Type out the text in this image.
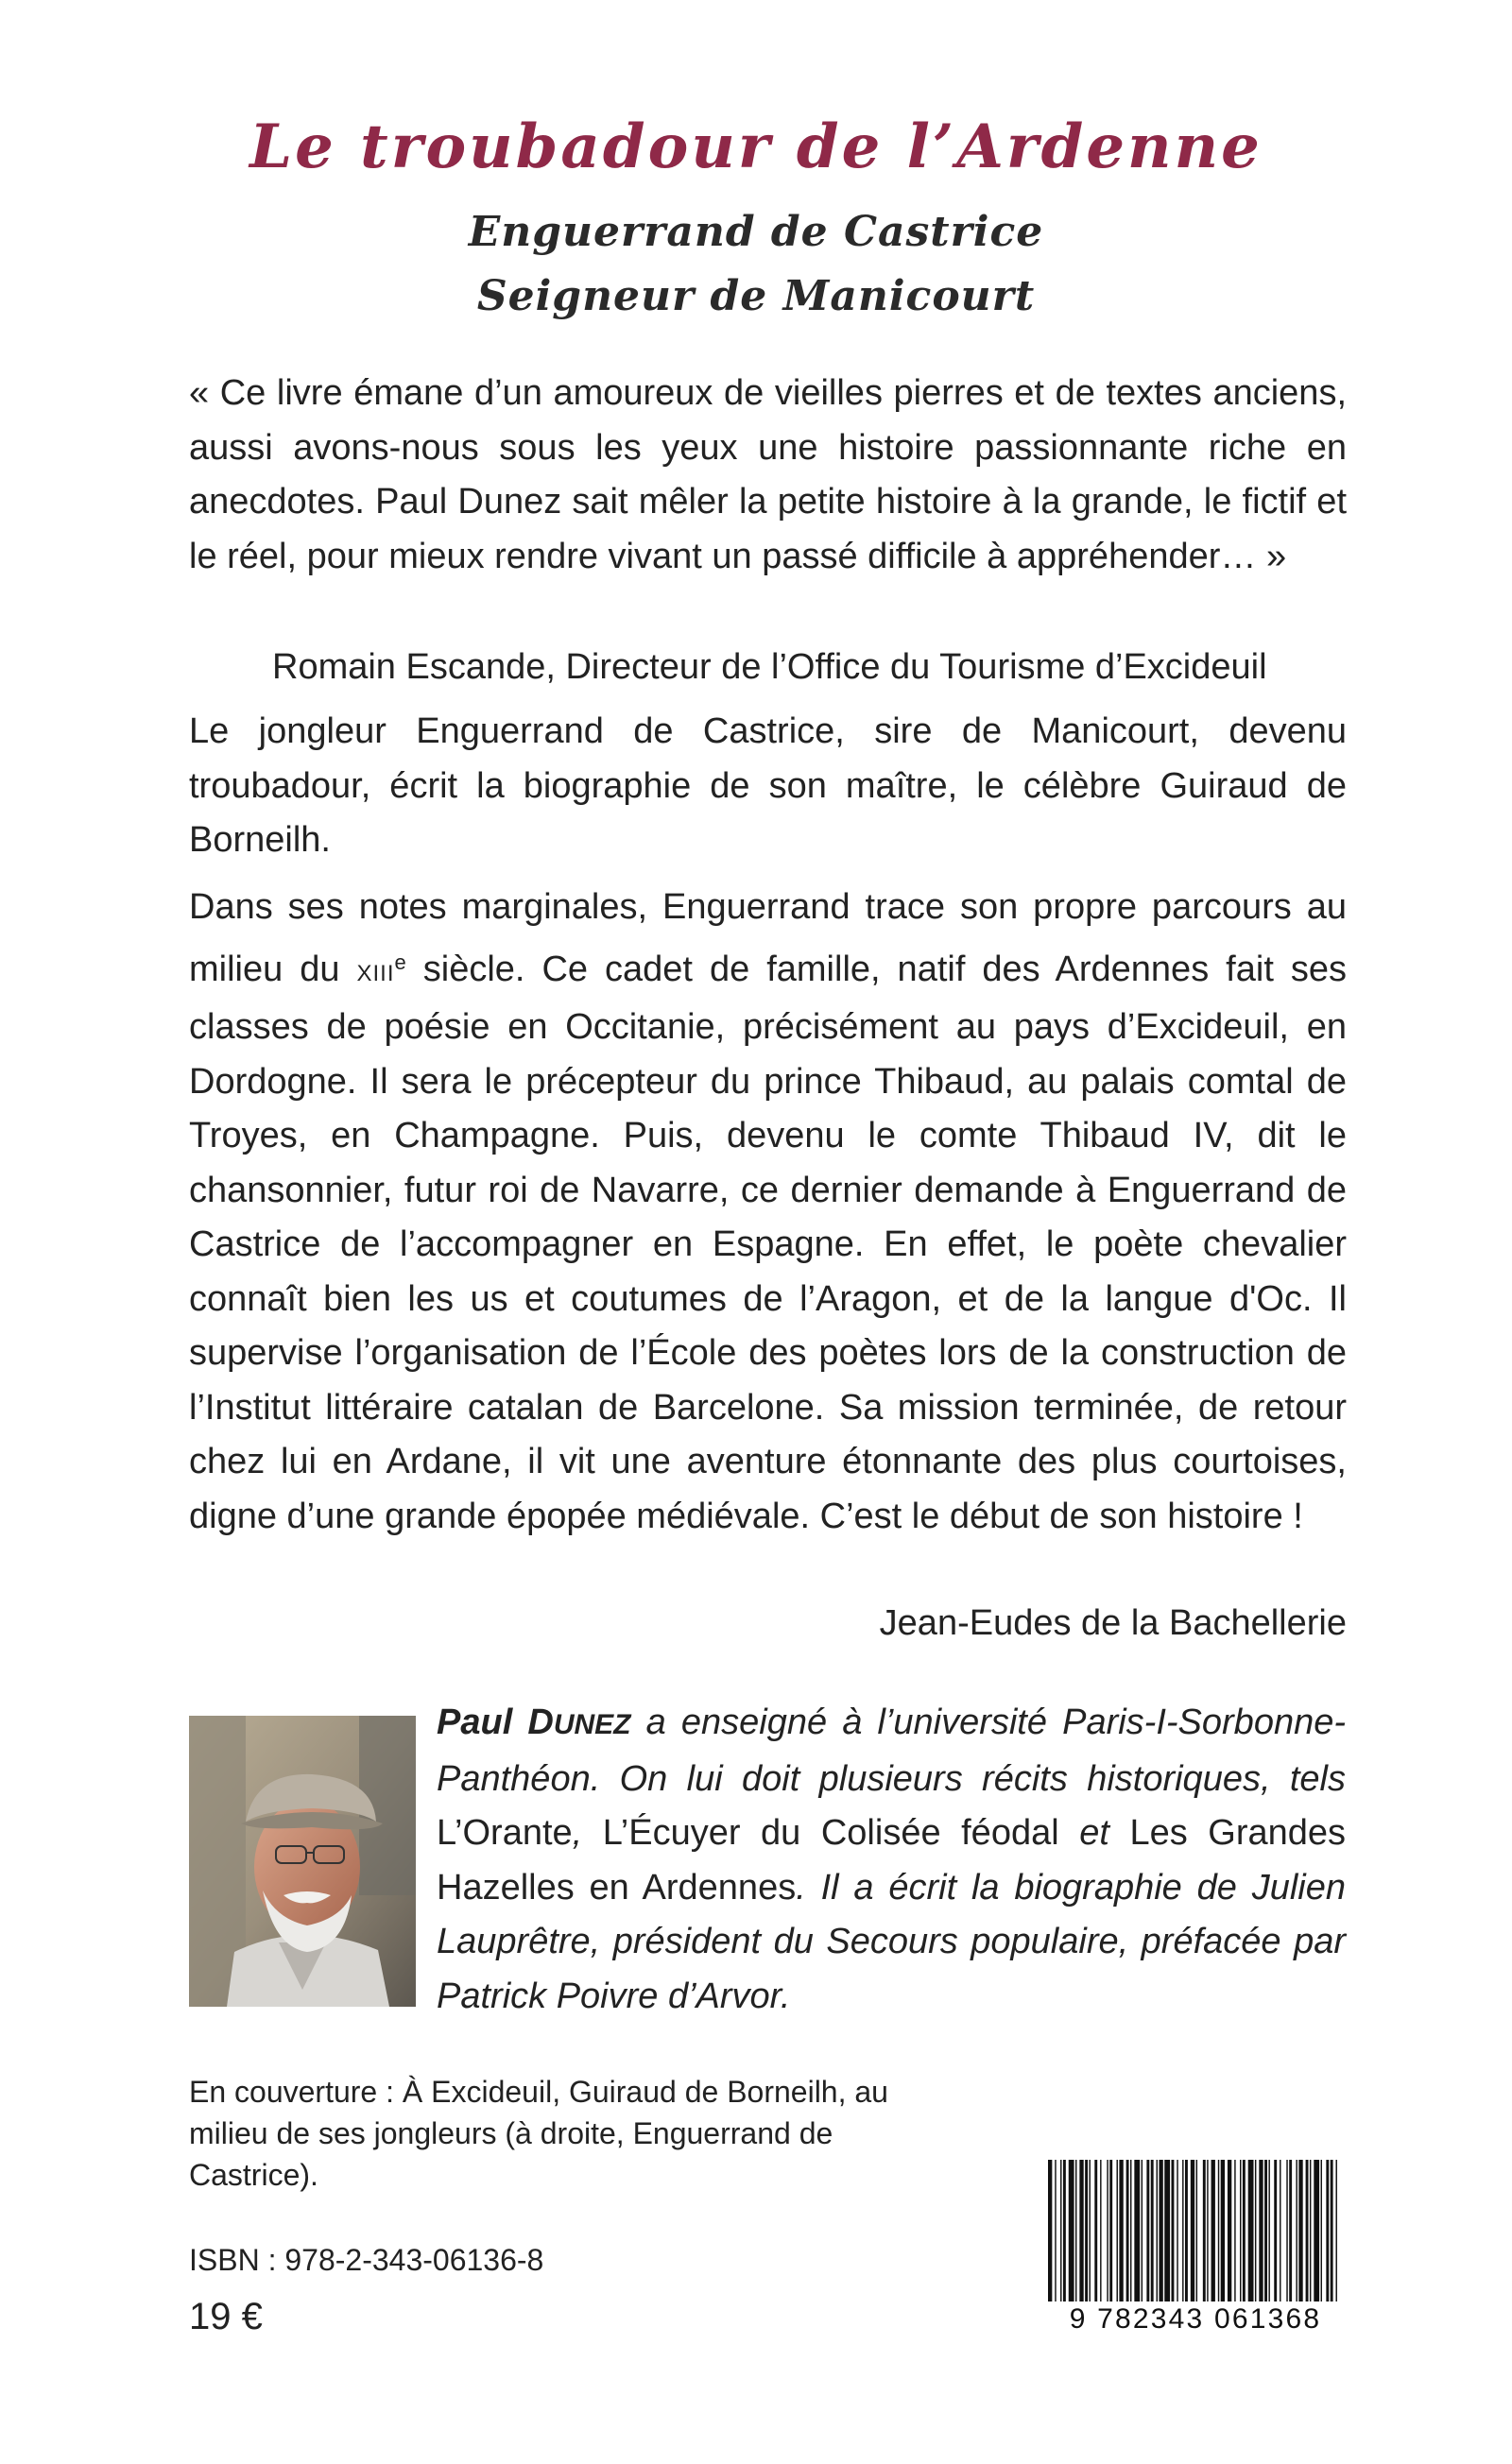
Le troubadour de l’Ardenne
Enguerrand de Castrice
Seigneur de Manicourt

« Ce livre émane d’un amoureux de vieilles pierres et de textes anciens, aussi avons-nous sous les yeux une histoire passionnante riche en anecdotes. Paul Dunez sait mêler la petite histoire à la grande, le fictif et le réel, pour mieux rendre vivant un passé difficile à appréhender… »

Romain Escande, Directeur de l’Office du Tourisme d’Excideuil

Le jongleur Enguerrand de Castrice, sire de Manicourt, devenu troubadour, écrit la biographie de son maître, le célèbre Guiraud de Borneilh.

Dans ses notes marginales, Enguerrand trace son propre parcours au milieu du XIIIe siècle. Ce cadet de famille, natif des Ardennes fait ses classes de poésie en Occitanie, précisément au pays d’Excideuil, en Dordogne. Il sera le précepteur du prince Thibaud, au palais comtal de Troyes, en Champagne. Puis, devenu le comte Thibaud IV, dit le chansonnier, futur roi de Navarre, ce dernier demande à Enguerrand de Castrice de l’accompagner en Espagne. En effet, le poète chevalier connaît bien les us et coutumes de l’Aragon, et de la langue d'Oc. Il supervise l’organisation de l’École des poètes lors de la construction de l’Institut littéraire catalan de Barcelone. Sa mission terminée, de retour chez lui en Ardane, il vit une aventure étonnante des plus courtoises, digne d’une grande épopée médiévale. C’est le début de son histoire !

Jean-Eudes de la Bachellerie

Paul DUNEZ a enseigné à l’université Paris-I-Sorbonne-Panthéon. On lui doit plusieurs récits historiques, tels L’Orante, L’Écuyer du Colisée féodal et Les Grandes Hazelles en Ardennes. Il a écrit la biographie de Julien Lauprêtre, président du Secours populaire, préfacée par Patrick Poivre d’Arvor.

En couverture : À Excideuil, Guiraud de Borneilh, au milieu de ses jongleurs (à droite, Enguerrand de Castrice).

ISBN : 978-2-343-06136-8

19 €	9 782343 061368
